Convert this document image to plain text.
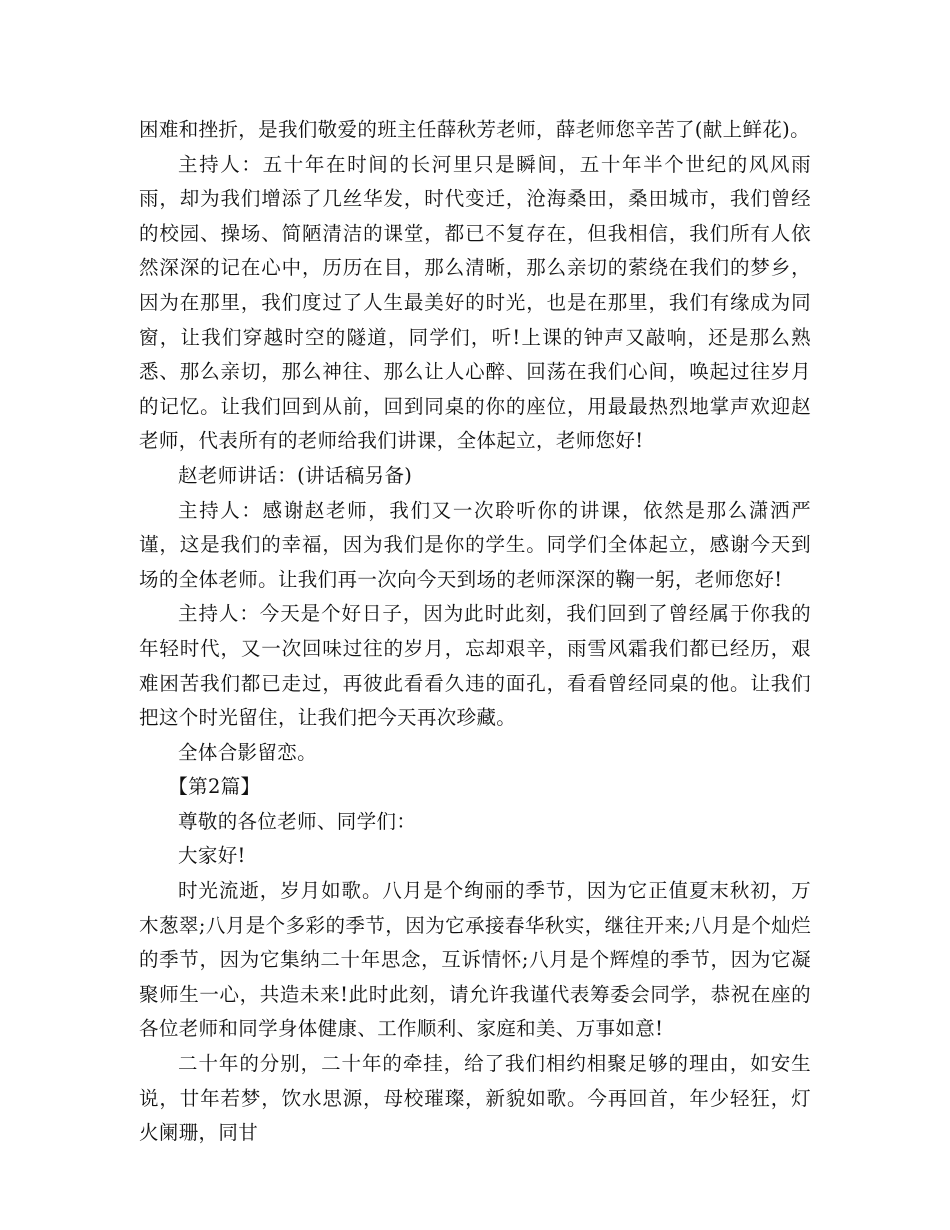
困难和挫折，是我们敬爱的班主任薛秋芳老师，薛老师您辛苦了(献上鲜花)。

主持人：五十年在时间的长河里只是瞬间，五十年半个世纪的风风雨雨，却为我们增添了几丝华发，时代变迁，沧海桑田，桑田城市，我们曾经的校园、操场、简陋清洁的课堂，都已不复存在，但我相信，我们所有人依然深深的记在心中，历历在目，那么清晰，那么亲切的萦绕在我们的梦乡，因为在那里，我们度过了人生最美好的时光，也是在那里，我们有缘成为同窗，让我们穿越时空的隧道，同学们，听!上课的钟声又敲响，还是那么熟悉、那么亲切，那么神往、那么让人心醉、回荡在我们心间，唤起过往岁月的记忆。让我们回到从前，回到同桌的你的座位，用最最热烈地掌声欢迎赵老师，代表所有的老师给我们讲课，全体起立，老师您好!

赵老师讲话：(讲话稿另备)

主持人：感谢赵老师，我们又一次聆听你的讲课，依然是那么潇洒严谨，这是我们的幸福，因为我们是你的学生。同学们全体起立，感谢今天到场的全体老师。让我们再一次向今天到场的老师深深的鞠一躬，老师您好!

主持人：今天是个好日子，因为此时此刻，我们回到了曾经属于你我的年轻时代，又一次回味过往的岁月，忘却艰辛，雨雪风霜我们都已经历，艰难困苦我们都已走过，再彼此看看久违的面孔，看看曾经同桌的他。让我们把这个时光留住，让我们把今天再次珍藏。

全体合影留恋。

【第2篇】

尊敬的各位老师、同学们：

大家好!

时光流逝，岁月如歌。八月是个绚丽的季节，因为它正值夏末秋初，万木葱翠;八月是个多彩的季节，因为它承接春华秋实，继往开来;八月是个灿烂的季节，因为它集纳二十年思念，互诉情怀;八月是个辉煌的季节，因为它凝聚师生一心，共造未来!此时此刻，请允许我谨代表筹委会同学，恭祝在座的各位老师和同学身体健康、工作顺利、家庭和美、万事如意!

二十年的分别，二十年的牵挂，给了我们相约相聚足够的理由，如安生说，廿年若梦，饮水思源，母校璀璨，新貌如歌。今再回首，年少轻狂，灯火阑珊，同甘
